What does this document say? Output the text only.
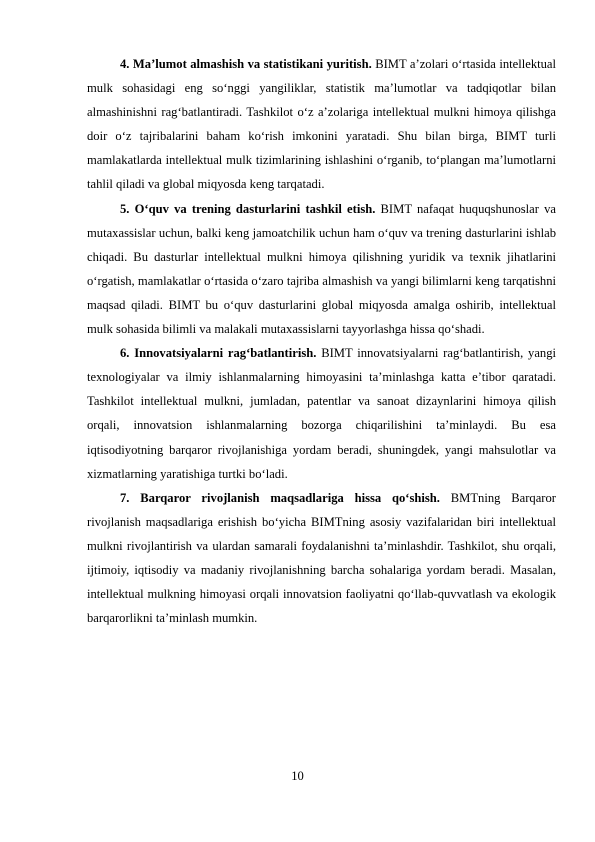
4. Ma’lumot almashish va statistikani yuritish. BIMT a’zolari o‘rtasida intellektual mulk sohasidagi eng so‘nggi yangiliklar, statistik ma’lumotlar va tadqiqotlar bilan almashinishni rag‘batlantiradi. Tashkilot o‘z a’zolariga intellektual mulkni himoya qilishga doir o‘z tajribalarini baham ko‘rish imkonini yaratadi. Shu bilan birga, BIMT turli mamlakatlarda intellektual mulk tizimlarining ishlashini o‘rganib, to‘plangan ma’lumotlarni tahlil qiladi va global miqyosda keng tarqatadi.

5. O‘quv va trening dasturlarini tashkil etish. BIMT nafaqat huquqshunoslar va mutaxassislar uchun, balki keng jamoatchilik uchun ham o‘quv va trening dasturlarini ishlab chiqadi. Bu dasturlar intellektual mulkni himoya qilishning yuridik va texnik jihatlarini o‘rgatish, mamlakatlar o‘rtasida o‘zaro tajriba almashish va yangi bilimlarni keng tarqatishni maqsad qiladi. BIMT bu o‘quv dasturlarini global miqyosda amalga oshirib, intellektual mulk sohasida bilimli va malakali mutaxassislarni tayyorlashga hissa qo‘shadi.

6. Innovatsiyalarni rag‘batlantirish. BIMT innovatsiyalarni rag‘batlantirish, yangi texnologiyalar va ilmiy ishlanmalarning himoyasini ta’minlashga katta e’tibor qaratadi. Tashkilot intellektual mulkni, jumladan, patentlar va sanoat dizaynlarini himoya qilish orqali, innovatsion ishlanmalarning bozorga chiqarilishini ta’minlaydi. Bu esa iqtisodiyotning barqaror rivojlanishiga yordam beradi, shuningdek, yangi mahsulotlar va xizmatlarning yaratishiga turtki bo‘ladi.

7. Barqaror rivojlanish maqsadlariga hissa qo‘shish. BMTning Barqaror rivojlanish maqsadlariga erishish bo‘yicha BIMTning asosiy vazifalaridan biri intellektual mulkni rivojlantirish va ulardan samarali foydalanishni ta’minlashdir. Tashkilot, shu orqali, ijtimoiy, iqtisodiy va madaniy rivojlanishning barcha sohalariga yordam beradi. Masalan, intellektual mulkning himoyasi orqali innovatsion faoliyatni qo‘llab-quvvatlash va ekologik barqarorlikni ta’minlash mumkin.

10
